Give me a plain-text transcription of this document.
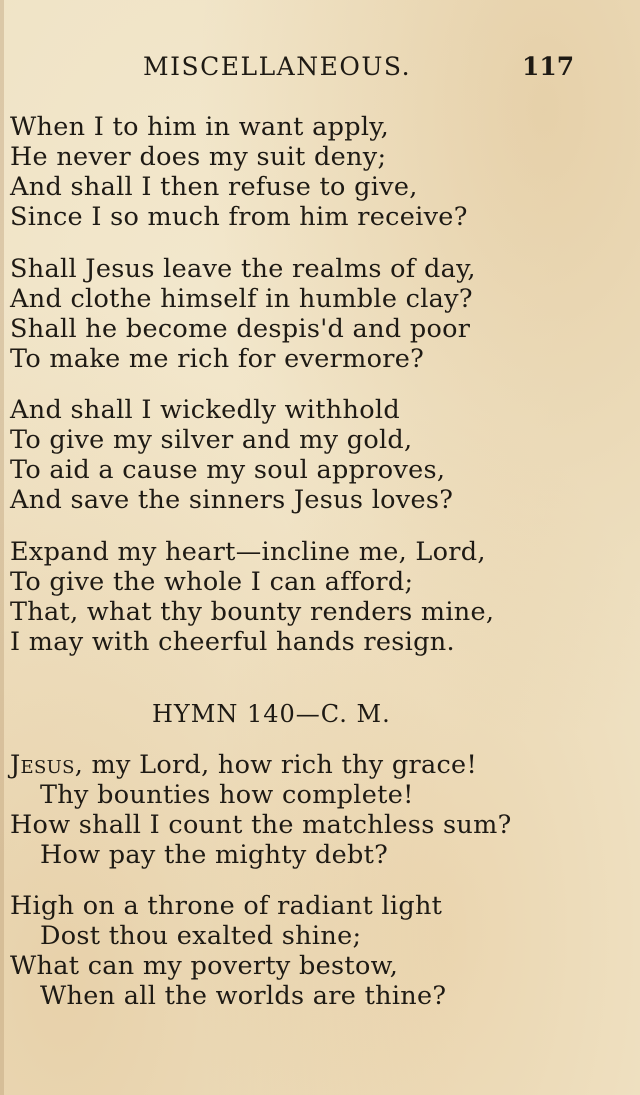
MISCELLANEOUS.	117
When I to him in want apply,
He never does my suit deny;
And shall I then refuse to give,
Since I so much from him receive?
Shall Jesus leave the realms of day,
And clothe himself in humble clay?
Shall he become despis'd and poor
To make me rich for evermore?
And shall I wickedly withhold
To give my silver and my gold,
To aid a cause my soul approves,
And save the sinners Jesus loves?
Expand my heart—incline me, Lord,
To give the whole I can afford;
That, what thy bounty renders mine,
I may with cheerful hands resign.
HYMN 140—C. M.
Jesus, my Lord, how rich thy grace!
Thy bounties how complete!
How shall I count the matchless sum?
How pay the mighty debt?
High on a throne of radiant light
Dost thou exalted shine;
What can my poverty bestow,
When all the worlds are thine?
